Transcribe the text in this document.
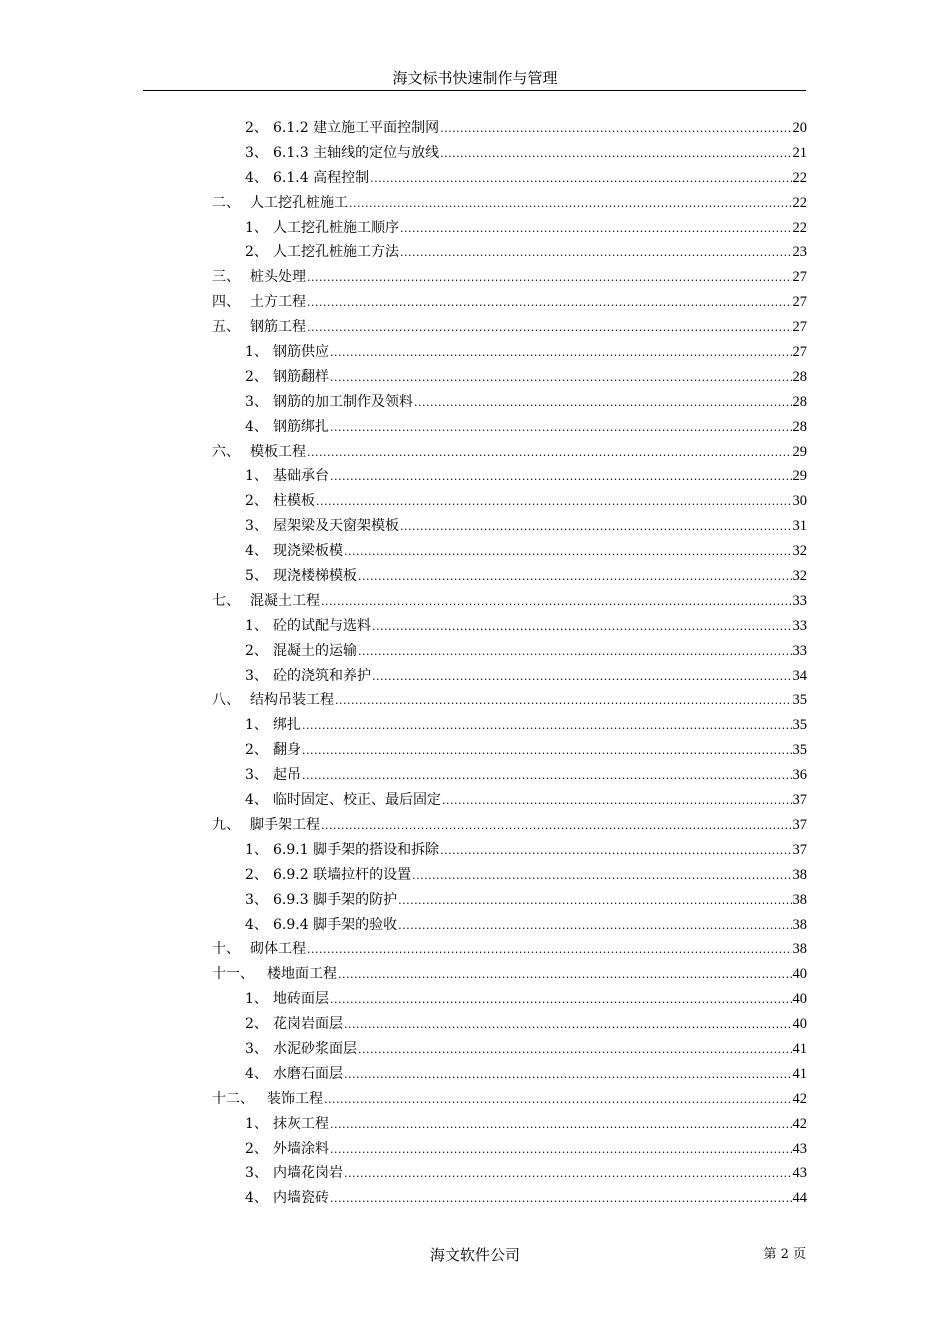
海文标书快速制作与管理
2、 6.1.2 建立施工平面控制网 .....	20
3、 6.1.3 主轴线的定位与放线 .....	21
4、 6.1.4 高程控制 .....	22
二、 人工挖孔桩施工 .....	22
1、 人工挖孔桩施工顺序 .....	22
2、 人工挖孔桩施工方法 .....	23
三、 桩头处理 .....	27
四、 土方工程 .....	27
五、 钢筋工程 .....	27
1、 钢筋供应 .....	27
2、 钢筋翻样 .....	28
3、 钢筋的加工制作及领料 .....	28
4、 钢筋绑扎 .....	28
六、 模板工程 .....	29
1、 基础承台 .....	29
2、 柱模板 .....	30
3、 屋架梁及天窗架模板 .....	31
4、 现浇梁板模 .....	32
5、 现浇楼梯模板 .....	32
七、 混凝土工程 .....	33
1、 砼的试配与选料 .....	33
2、 混凝土的运输 .....	33
3、 砼的浇筑和养护 .....	34
八、 结构吊装工程 .....	35
1、 绑扎 .....	35
2、 翻身 .....	35
3、 起吊 .....	36
4、 临时固定、校正、最后固定 .....	37
九、 脚手架工程 .....	37
1、 6.9.1 脚手架的搭设和拆除 .....	37
2、 6.9.2 联墙拉杆的设置 .....	38
3、 6.9.3 脚手架的防护 .....	38
4、 6.9.4 脚手架的验收 .....	38
十、 砌体工程 .....	38
十一、 楼地面工程 .....	40
1、 地砖面层 .....	40
2、 花岗岩面层 .....	40
3、 水泥砂浆面层 .....	41
4、 水磨石面层 .....	41
十二、 装饰工程 .....	42
1、 抹灰工程 .....	42
2、 外墙涂料 .....	43
3、 内墙花岗岩 .....	43
4、 内墙瓷砖 .....	44
海文软件公司	第 2 页
